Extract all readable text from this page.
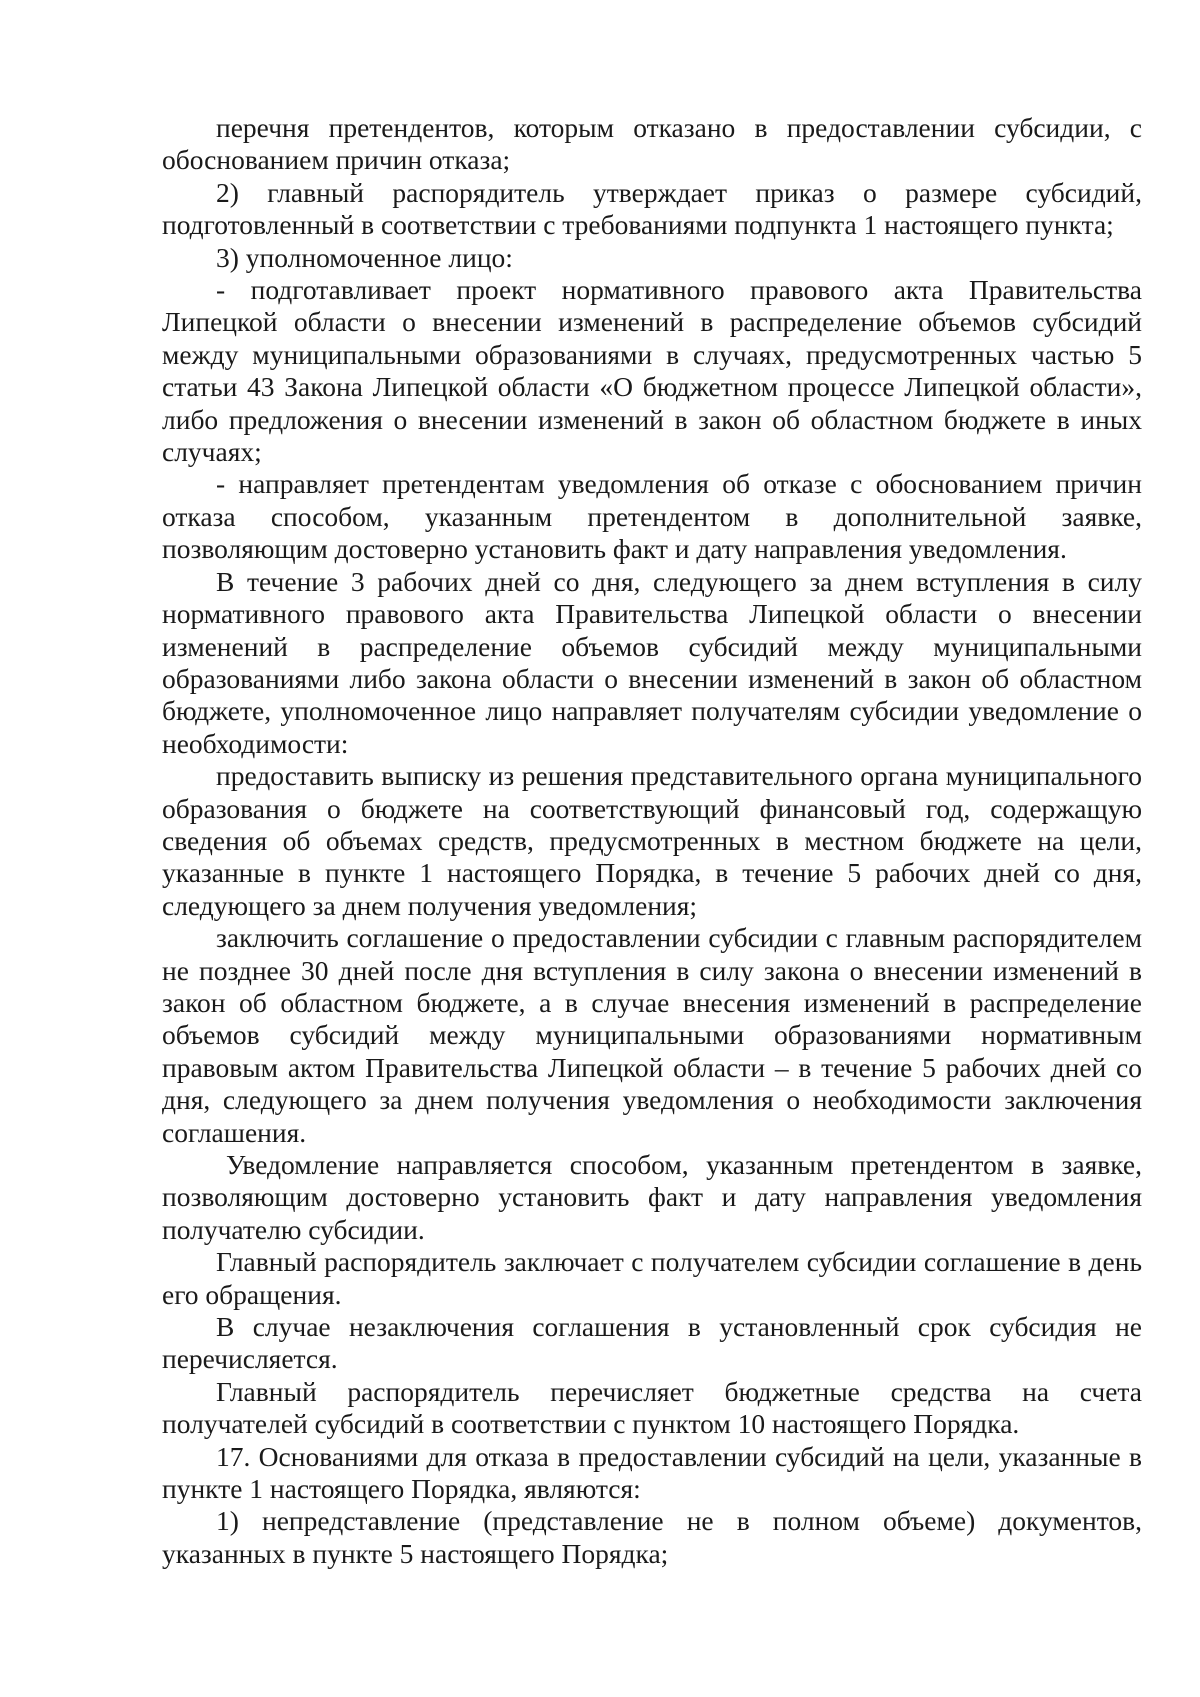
перечня претендентов, которым отказано в предоставлении субсидии, с обоснованием причин отказа;

2) главный распорядитель утверждает приказ о размере субсидий, подготовленный в соответствии с требованиями подпункта 1 настоящего пункта;

3) уполномоченное лицо:

- подготавливает проект нормативного правового акта Правительства Липецкой области о внесении изменений в распределение объемов субсидий между муниципальными образованиями в случаях, предусмотренных частью 5 статьи 43 Закона Липецкой области «О бюджетном процессе Липецкой области», либо предложения о внесении изменений в закон об областном бюджете в иных случаях;

- направляет претендентам уведомления об отказе с обоснованием причин отказа способом, указанным претендентом в дополнительной заявке, позволяющим достоверно установить факт и дату направления уведомления.

В течение 3 рабочих дней со дня, следующего за днем вступления в силу нормативного правового акта Правительства Липецкой области о внесении изменений в распределение объемов субсидий между муниципальными образованиями либо закона области о внесении изменений в закон об областном бюджете, уполномоченное лицо направляет получателям субсидии уведомление о необходимости:

предоставить выписку из решения представительного органа муниципального образования о бюджете на соответствующий финансовый год, содержащую сведения об объемах средств, предусмотренных в местном бюджете на цели, указанные в пункте 1 настоящего Порядка, в течение 5 рабочих дней со дня, следующего за днем получения уведомления;

заключить соглашение о предоставлении субсидии с главным распорядителем не позднее 30 дней после дня вступления в силу закона о внесении изменений в закон об областном бюджете, а в случае внесения изменений в распределение объемов субсидий между муниципальными образованиями нормативным правовым актом Правительства Липецкой области – в течение 5 рабочих дней со дня, следующего за днем получения уведомления о необходимости заключения соглашения.

Уведомление направляется способом, указанным претендентом в заявке, позволяющим достоверно установить факт и дату направления уведомления получателю субсидии.

Главный распорядитель заключает с получателем субсидии соглашение в день его обращения.

В случае незаключения соглашения в установленный срок субсидия не перечисляется.

Главный распорядитель перечисляет бюджетные средства на счета получателей субсидий в соответствии с пунктом 10 настоящего Порядка.

17. Основаниями для отказа в предоставлении субсидий на цели, указанные в пункте 1 настоящего Порядка, являются:

1) непредставление (представление не в полном объеме) документов, указанных в пункте 5 настоящего Порядка;
